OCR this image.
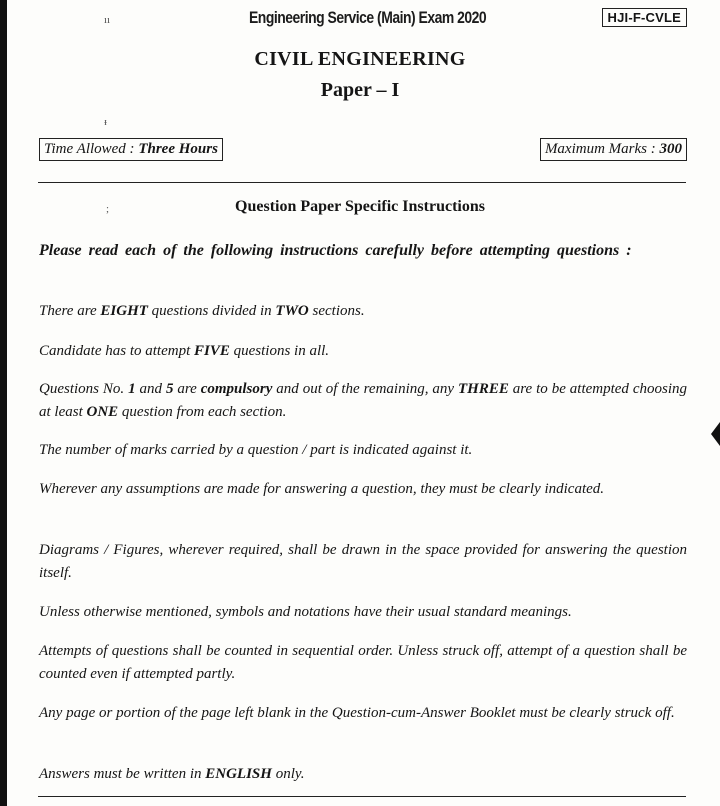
ıı
ᵻ
;
Engineering Service (Main) Exam 2020	HJI-F-CVLE
CIVIL ENGINEERING
Paper – I
Time Allowed : Three Hours	Maximum Marks : 300
Question Paper Specific Instructions

Please read each of the following instructions carefully before attempting questions :

There are EIGHT questions divided in TWO sections.

Candidate has to attempt FIVE questions in all.

Questions No. 1 and 5 are compulsory and out of the remaining, any THREE are to be attempted choosing at least ONE question from each section.

The number of marks carried by a question / part is indicated against it.

Wherever any assumptions are made for answering a question, they must be clearly indicated.

Diagrams / Figures, wherever required, shall be drawn in the space provided for answering the question itself.

Unless otherwise mentioned, symbols and notations have their usual standard meanings.

Attempts of questions shall be counted in sequential order. Unless struck off, attempt of a question shall be counted even if attempted partly.

Any page or portion of the page left blank in the Question-cum-Answer Booklet must be clearly struck off.

Answers must be written in ENGLISH only.
